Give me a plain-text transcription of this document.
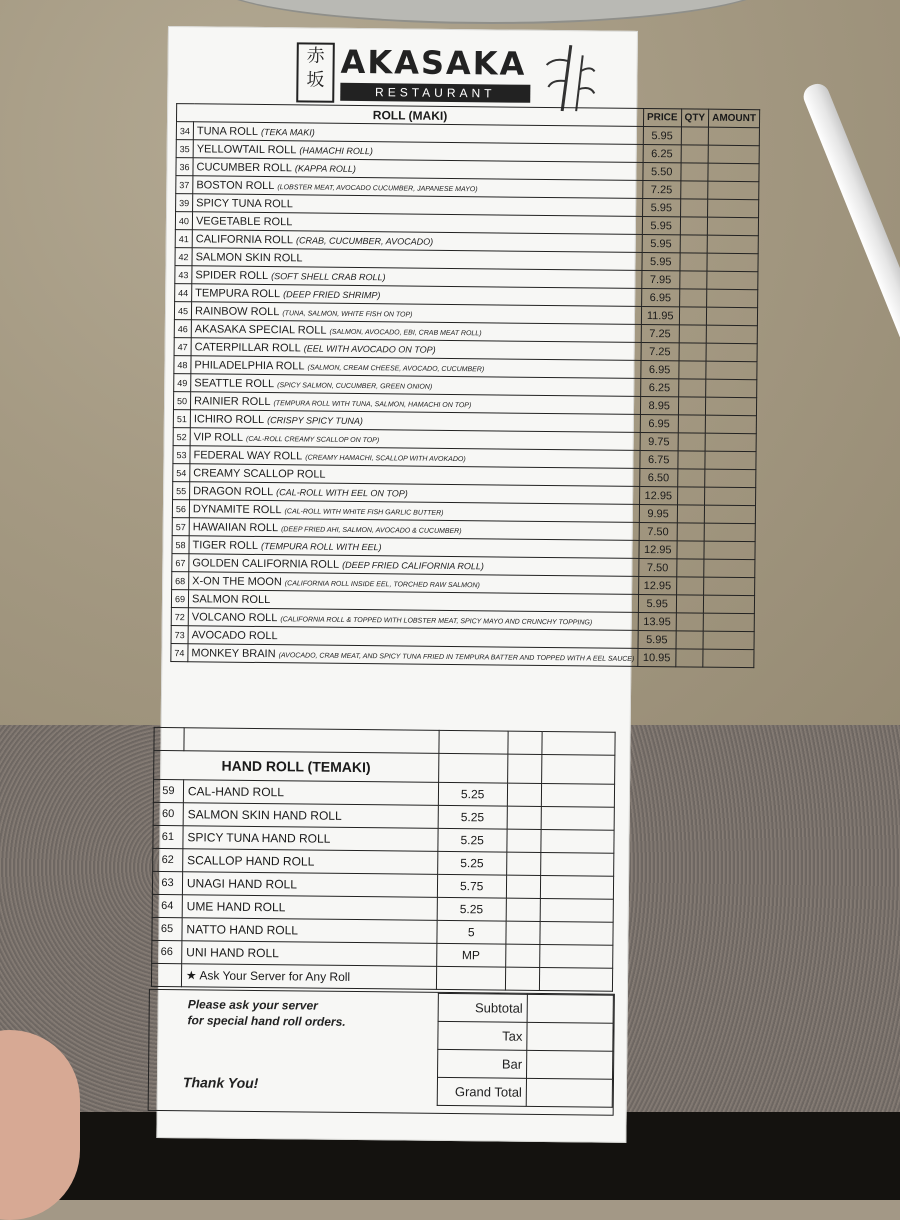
赤坂 AKASAKA
RESTAURANT
ROLL (MAKI)		PRICE	QTY	AMOUNT
34	TUNA ROLL (TEKA MAKI)	5.95		
35	YELLOWTAIL ROLL (HAMACHI ROLL)	6.25		
36	CUCUMBER ROLL (KAPPA ROLL)	5.50		
37	BOSTON ROLL (LOBSTER MEAT, AVOCADO CUCUMBER, JAPANESE MAYO)	7.25		
39	SPICY TUNA ROLL	5.95		
40	VEGETABLE ROLL	5.95		
41	CALIFORNIA ROLL (CRAB, CUCUMBER, AVOCADO)	5.95		
42	SALMON SKIN ROLL	5.95		
43	SPIDER ROLL (SOFT SHELL CRAB ROLL)	7.95		
44	TEMPURA ROLL (DEEP FRIED SHRIMP)	6.95		
45	RAINBOW ROLL (TUNA, SALMON, WHITE FISH ON TOP)	11.95		
46	AKASAKA SPECIAL ROLL (SALMON, AVOCADO, EBI, CRAB MEAT ROLL)	7.25		
47	CATERPILLAR ROLL (EEL WITH AVOCADO ON TOP)	7.25		
48	PHILADELPHIA ROLL (SALMON, CREAM CHEESE, AVOCADO, CUCUMBER)	6.95		
49	SEATTLE ROLL (SPICY SALMON, CUCUMBER, GREEN ONION)	6.25		
50	RAINIER ROLL (TEMPURA ROLL WITH TUNA, SALMON, HAMACHI ON TOP)	8.95		
51	ICHIRO ROLL (CRISPY SPICY TUNA)	6.95		
52	VIP ROLL (CAL-ROLL CREAMY SCALLOP ON TOP)	9.75		
53	FEDERAL WAY ROLL (CREAMY HAMACHI, SCALLOP WITH AVOKADO)	6.75		
54	CREAMY SCALLOP ROLL	6.50		
55	DRAGON ROLL (CAL-ROLL WITH EEL ON TOP)	12.95		
56	DYNAMITE ROLL (CAL-ROLL WITH WHITE FISH GARLIC BUTTER)	9.95		
57	HAWAIIAN ROLL (DEEP FRIED AHI, SALMON, AVOCADO & CUCUMBER)	7.50		
58	TIGER ROLL (TEMPURA ROLL WITH EEL)	12.95		
67	GOLDEN CALIFORNIA ROLL (DEEP FRIED CALIFORNIA ROLL)	7.50		
68	X-ON THE MOON (CALIFORNIA ROLL INSIDE EEL, TORCHED RAW SALMON)	12.95		
69	SALMON ROLL	5.95		
72	VOLCANO ROLL (CALIFORNIA ROLL & TOPPED WITH LOBSTER MEAT, SPICY MAYO AND CRUNCHY TOPPING)	13.95		
73	AVOCADO ROLL	5.95		
74	MONKEY BRAIN (AVOCADO, CRAB MEAT, AND SPICY TUNA FRIED IN TEMPURA BATTER AND TOPPED WITH A EEL SAUCE)	10.95		

HAND ROLL (TEMAKI)				
59	CAL-HAND ROLL	5.25		
60	SALMON SKIN HAND ROLL	5.25		
61	SPICY TUNA HAND ROLL	5.25		
62	SCALLOP HAND ROLL	5.25		
63	UNAGI HAND ROLL	5.75		
64	UME HAND ROLL	5.25		
65	NATTO HAND ROLL	5		
66	UNI HAND ROLL	MP		
	★ Ask Your Server for Any Roll			
Please ask your server
for special hand roll orders.
Thank You!
Subtotal	
Tax	
Bar	
Grand Total	
